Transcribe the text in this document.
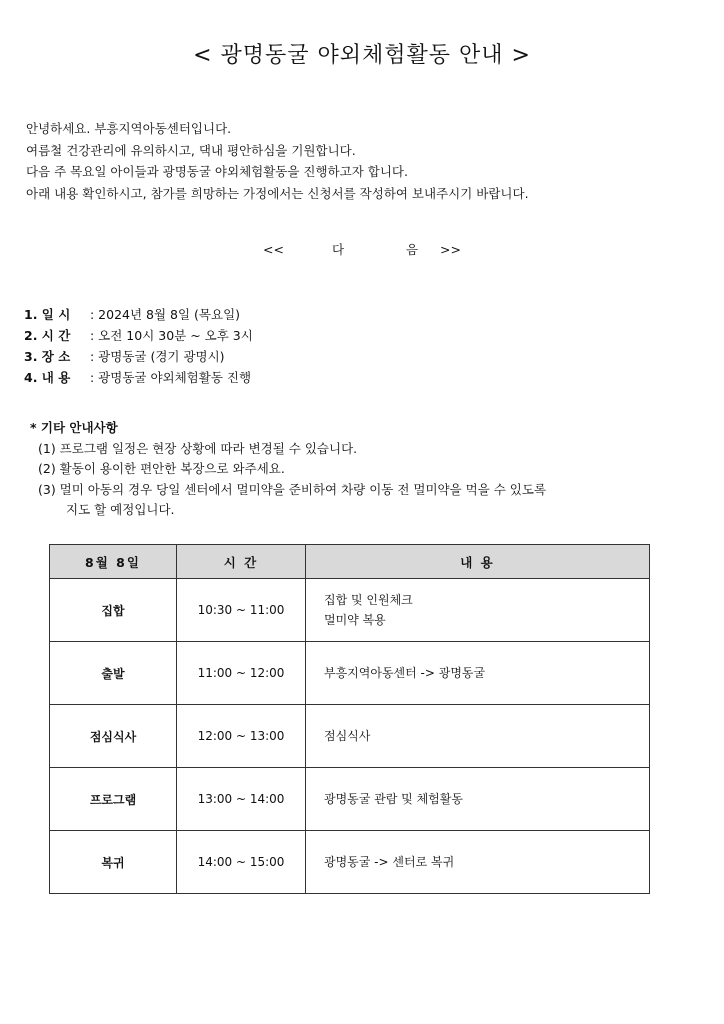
< 광명동굴 야외체험활동 안내 >

안녕하세요. 부흥지역아동센터입니다.

여름철 건강관리에 유의하시고, 댁내 평안하심을 기원합니다.

다음 주 목요일 아이들과 광명동굴 야외체험활동을 진행하고자 합니다.

아래 내용 확인하시고, 참가를 희망하는 가정에서는 신청서를 작성하여 보내주시기 바랍니다.

<<	다	음 >>
1. 일 시 : 2024년 8월 8일 (목요일)
2. 시 간 : 오전 10시 30분 ~ 오후 3시
3. 장 소 : 광명동굴 (경기 광명시)
4. 내 용 : 광명동굴 야외체험활동 진행
* 기타 안내사항
(1) 프로그램 일정은 현장 상황에 따라 변경될 수 있습니다.
(2) 활동이 용이한 편안한 복장으로 와주세요.
(3) 멀미 아동의 경우 당일 센터에서 멀미약을 준비하여 차량 이동 전 멀미약을 먹을 수 있도록
지도 할 예정입니다.
8월 8일	시 간	내 용
집합	10:30 ~ 11:00	집합 및 인원체크
멀미약 복용

출발	11:00 ~ 12:00	부흥지역아동센터 -> 광명동굴

점심식사	12:00 ~ 13:00	점심식사

프로그램	13:00 ~ 14:00	광명동굴 관람 및 체험활동

복귀	14:00 ~ 15:00	광명동굴 -> 센터로 복귀
